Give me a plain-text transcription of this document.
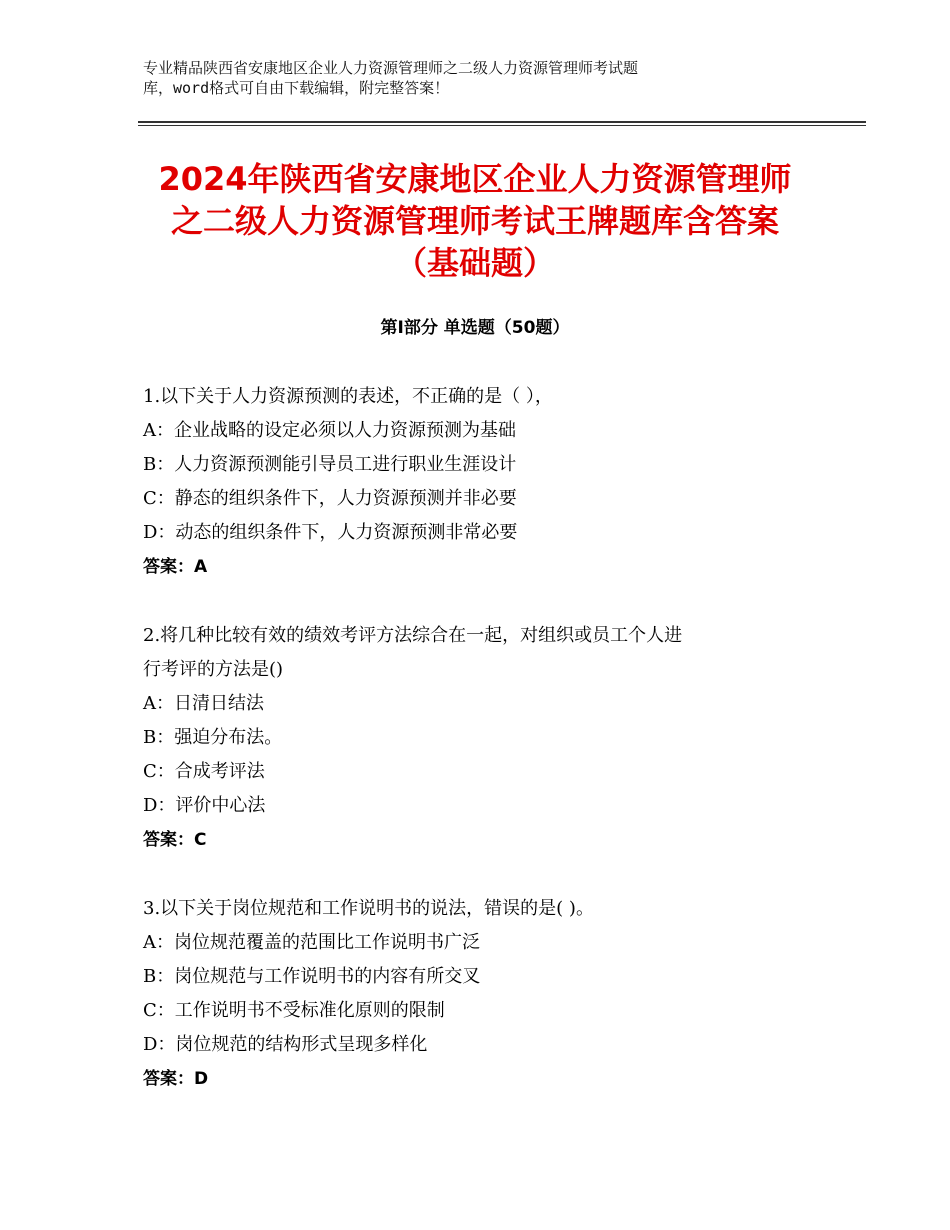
专业精品陕西省安康地区企业人力资源管理师之二级人力资源管理师考试题
库，word格式可自由下载编辑，附完整答案！
2024年陕西省安康地区企业人力资源管理师
之二级人力资源管理师考试王牌题库含答案
（基础题）
第Ⅰ部分 单选题（50题）
1.以下关于人力资源预测的表述，不正确的是（ ），
A：企业战略的设定必须以人力资源预测为基础
B：人力资源预测能引导员工进行职业生涯设计
C：静态的组织条件下，人力资源预测并非必要
D：动态的组织条件下，人力资源预测非常必要
答案：A
2.将几种比较有效的绩效考评方法综合在一起，对组织或员工个人进
行考评的方法是()
A：日清日结法
B：强迫分布法。
C：合成考评法
D：评价中心法
答案：C
3.以下关于岗位规范和工作说明书的说法，错误的是( )。
A：岗位规范覆盖的范围比工作说明书广泛
B：岗位规范与工作说明书的内容有所交叉
C：工作说明书不受标准化原则的限制
D：岗位规范的结构形式呈现多样化
答案：D
